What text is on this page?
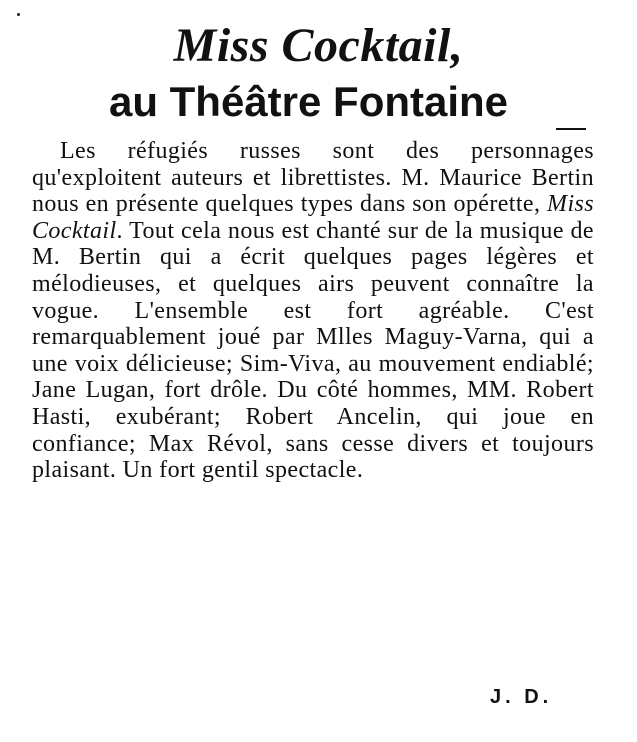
Miss Cocktail,
au Théâtre Fontaine

Les réfugiés russes sont des personnages qu'exploitent auteurs et librettistes. M. Maurice Bertin nous en présente quelques types dans son opérette, Miss Cocktail. Tout cela nous est chanté sur de la musique de M. Bertin qui a écrit quelques pages légères et mélodieuses, et quelques airs peuvent connaître la vogue. L'ensemble est fort agréable. C'est remarquablement joué par Mlles Maguy-Varna, qui a une voix délicieuse; Sim-Viva, au mouvement endiablé; Jane Lugan, fort drôle. Du côté hommes, MM. Robert Hasti, exubérant; Robert Ancelin, qui joue en confiance; Max Révol, sans cesse divers et toujours plaisant. Un fort gentil spectacle.

J. D.
